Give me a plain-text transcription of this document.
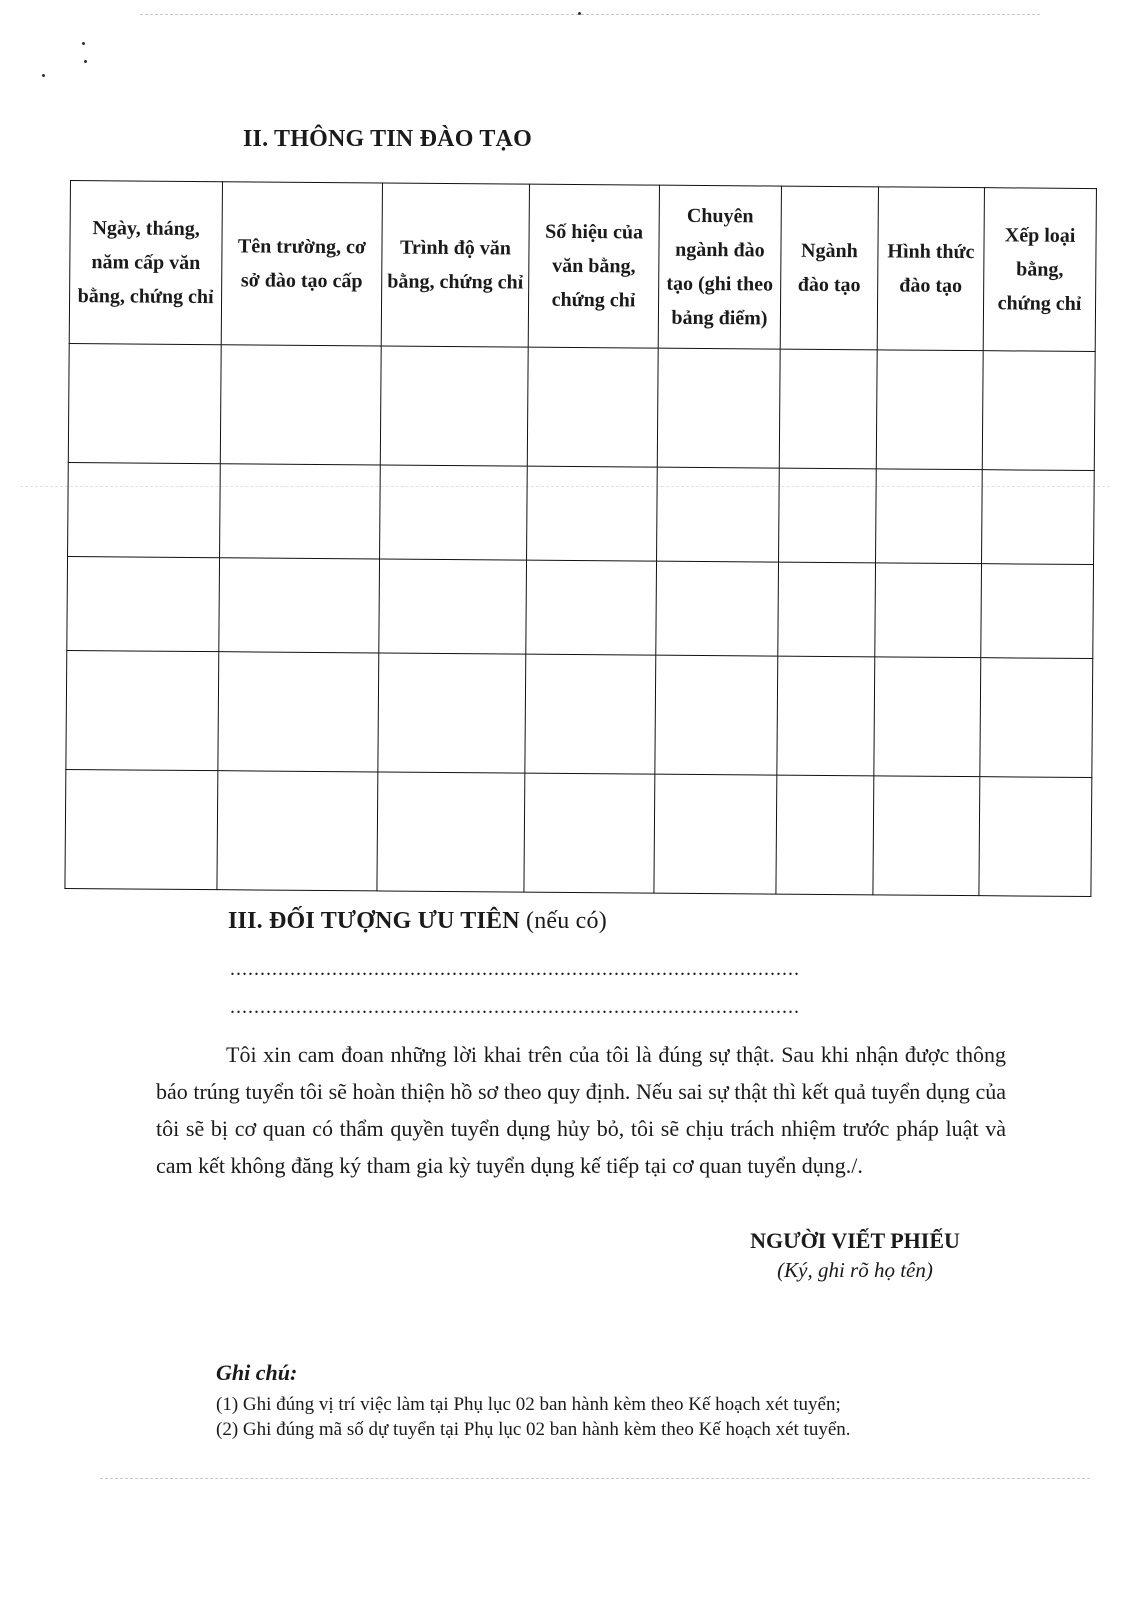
II. THÔNG TIN ĐÀO TẠO
Ngày, tháng, năm cấp văn bằng, chứng chỉ	Tên trường, cơ sở đào tạo cấp	Trình độ văn bằng, chứng chỉ	Số hiệu của văn bằng, chứng chỉ	Chuyên ngành đào tạo (ghi theo bảng điểm)	Ngành đào tạo	Hình thức đào tạo	Xếp loại bằng, chứng chỉ

III. ĐỐI TƯỢNG ƯU TIÊN (nếu có)
...............................................................................................
...............................................................................................
Tôi xin cam đoan những lời khai trên của tôi là đúng sự thật. Sau khi nhận được thông báo trúng tuyển tôi sẽ hoàn thiện hồ sơ theo quy định. Nếu sai sự thật thì kết quả tuyển dụng của tôi sẽ bị cơ quan có thẩm quyền tuyển dụng hủy bỏ, tôi sẽ chịu trách nhiệm trước pháp luật và cam kết không đăng ký tham gia kỳ tuyển dụng kế tiếp tại cơ quan tuyển dụng./.
NGƯỜI VIẾT PHIẾU
(Ký, ghi rõ họ tên)
Ghi chú:
(1) Ghi đúng vị trí việc làm tại Phụ lục 02 ban hành kèm theo Kế hoạch xét tuyển;
(2) Ghi đúng mã số dự tuyển tại Phụ lục 02 ban hành kèm theo Kế hoạch xét tuyển.
